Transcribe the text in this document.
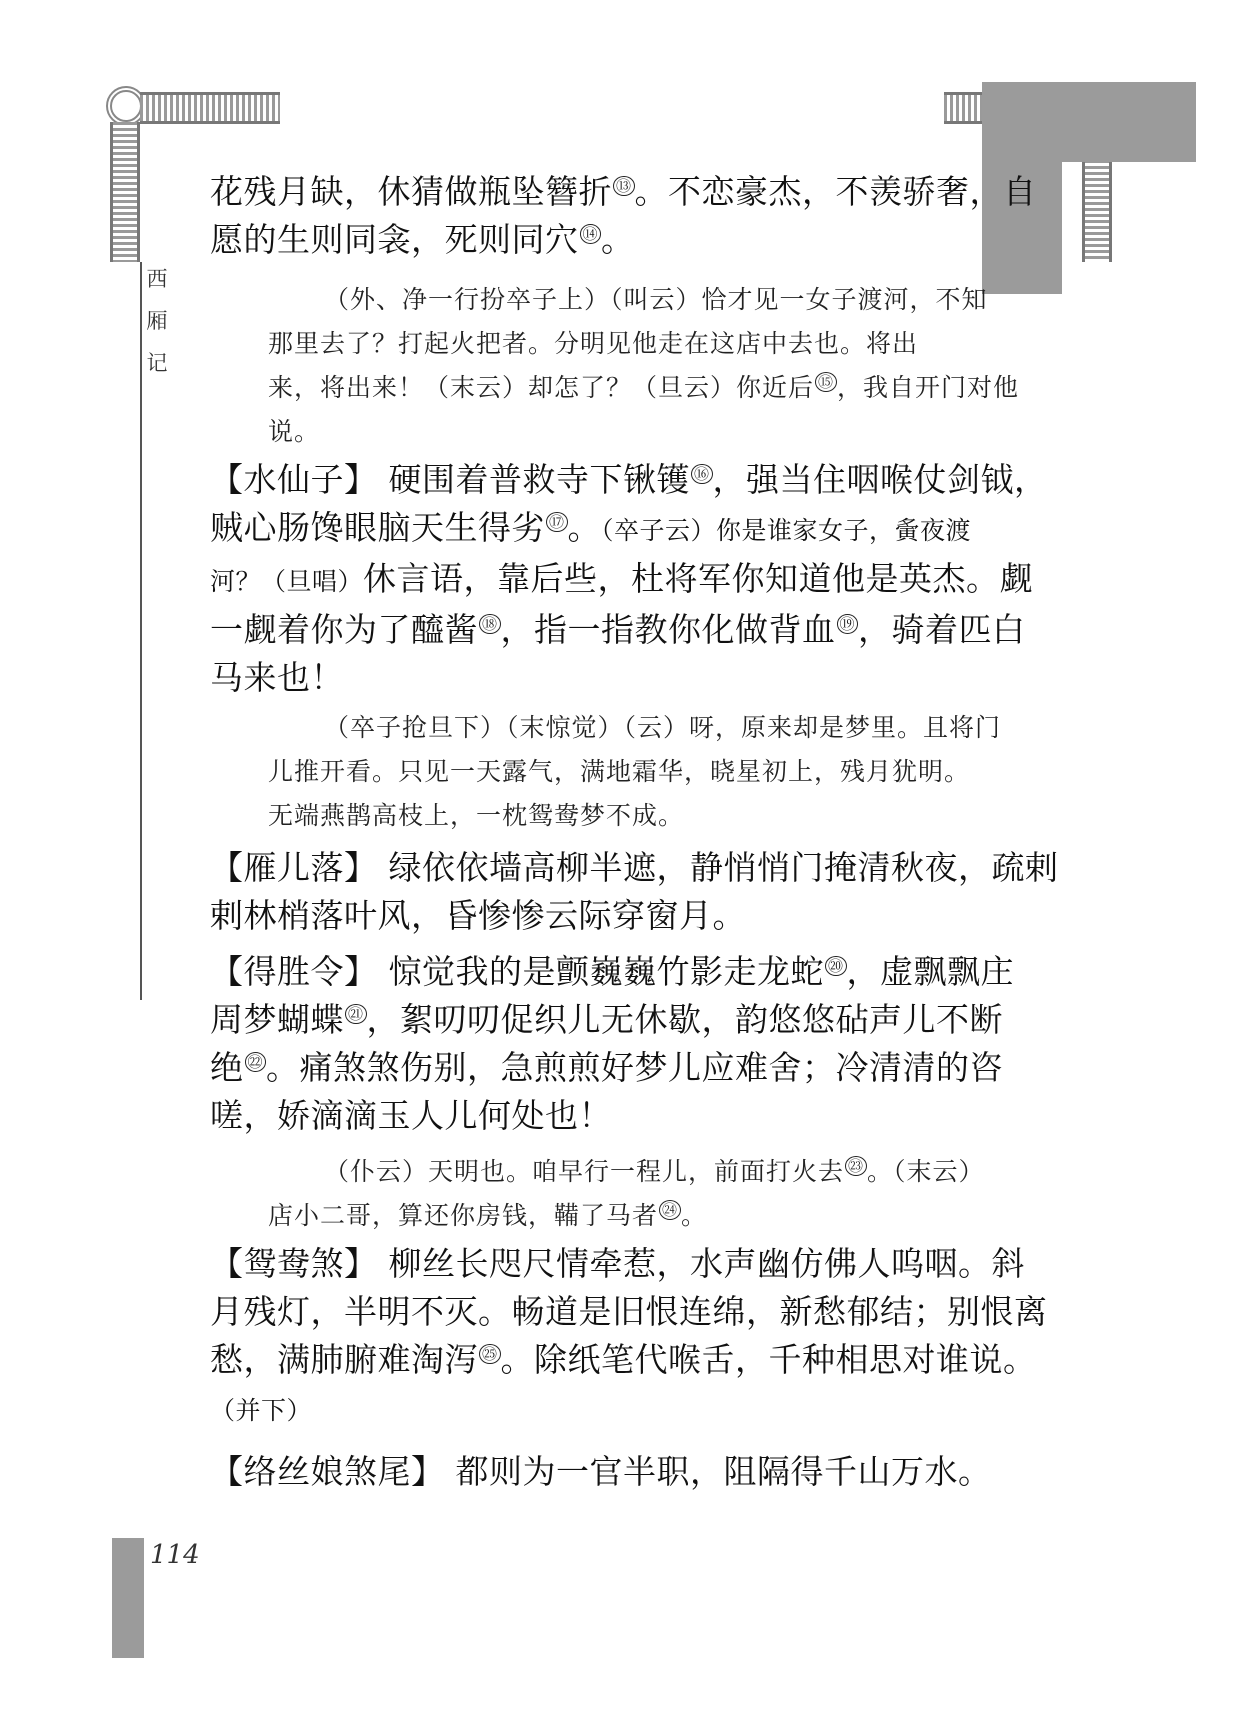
西
厢
记
花残月缺，休猜做瓶坠簪折 ⑬。不恋豪杰，不羡骄奢，自
愿的生则同衾，死则同穴 ⑭。
（外、净一行扮卒子上）（叫云）恰才见一女子渡河，不知
那里去了？打起火把者。分明见他走在这店中去也。将出
来，将出来！（末云）却怎了？（旦云）你近后 ⑮ ，我自开门对他
说。
【水仙子】 硬围着普救寺下锹镬 ⑯，强当住咽喉仗剑钺，
贼心肠馋眼脑天生得劣 ⑰。（卒子云）你是谁家女子，夤夜渡
河？（旦唱）休言语，靠后些，杜将军你知道他是英杰。觑
一觑着你为了醯酱 ⑱，指一指教你化做背血 ⑲，骑着匹白
马来也！
（卒子抢旦下）（末惊觉）（云）呀，原来却是梦里。且将门
儿推开看。只见一天露气，满地霜华，晓星初上，残月犹明。
无端燕鹊高枝上，一枕鸳鸯梦不成。
【雁儿落】 绿依依墙高柳半遮，静悄悄门掩清秋夜，疏剌
剌林梢落叶风，昏惨惨云际穿窗月。
【得胜令】 惊觉我的是颤巍巍竹影走龙蛇 ⑳，虚飘飘庄
周梦蝴蝶 $^㉑$，絮叨叨促织儿无休歇，韵悠悠砧声儿不断
绝 $^㉒$。痛煞煞伤别，急煎煎好梦儿应难舍；冷清清的咨
嗟，娇滴滴玉人儿何处也！
（仆云）天明也。咱早行一程儿，前面打火去 $^㉓$ 。（末云）
店小二哥，算还你房钱，鞴了马者 $^㉔$ 。
【鸳鸯煞】 柳丝长咫尺情牵惹，水声幽仿佛人呜咽。斜
月残灯，半明不灭。畅道是旧恨连绵，新愁郁结；别恨离
愁，满肺腑难淘泻 $^㉕$。除纸笔代喉舌，千种相思对谁说。
（并下）
【络丝娘煞尾】 都则为一官半职，阻隔得千山万水。
114
